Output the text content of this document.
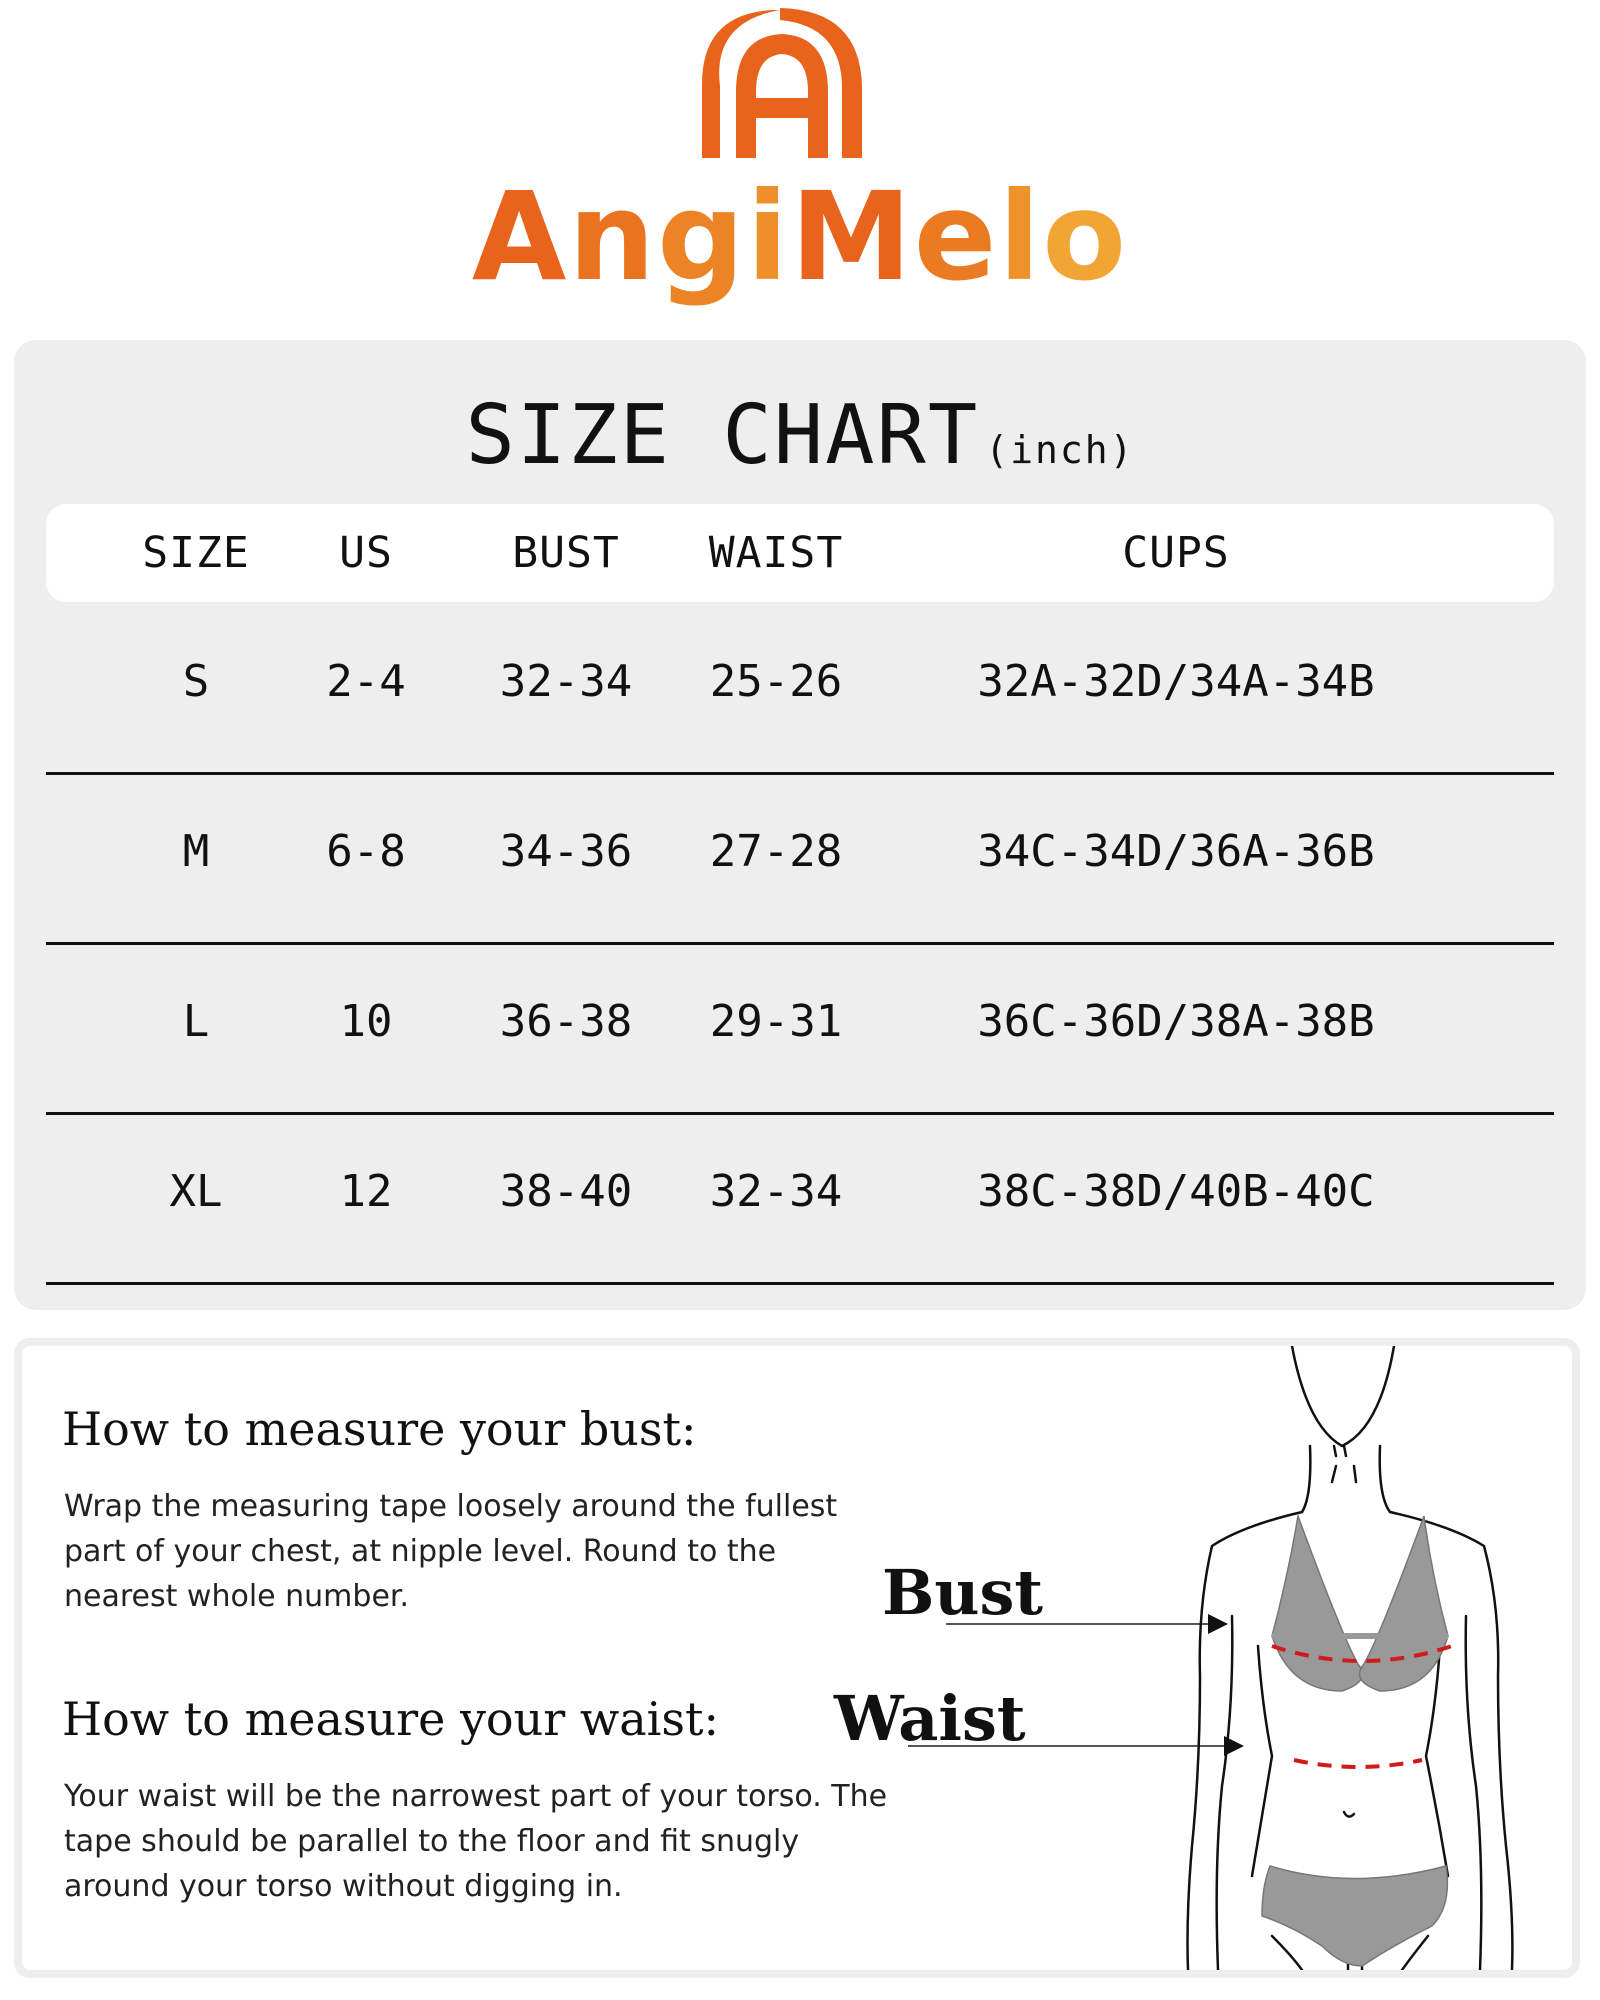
AngiMelo
SIZE CHART (inch)
SIZE	US	BUST	WAIST	CUPS
S	2-4	32-34	25-26	32A-32D/34A-34B
M	6-8	34-36	27-28	34C-34D/36A-36B
L	10	36-38	29-31	36C-36D/38A-38B
XL	12	38-40	32-34	38C-38D/40B-40C
How to measure your bust:
Wrap the measuring tape loosely around the fullest part of your chest, at nipple level. Round to the nearest whole number.
How to measure your waist:
Your waist will be the narrowest part of your torso. The tape should be parallel to the floor and fit snugly around your torso without digging in.
Bust
Waist
